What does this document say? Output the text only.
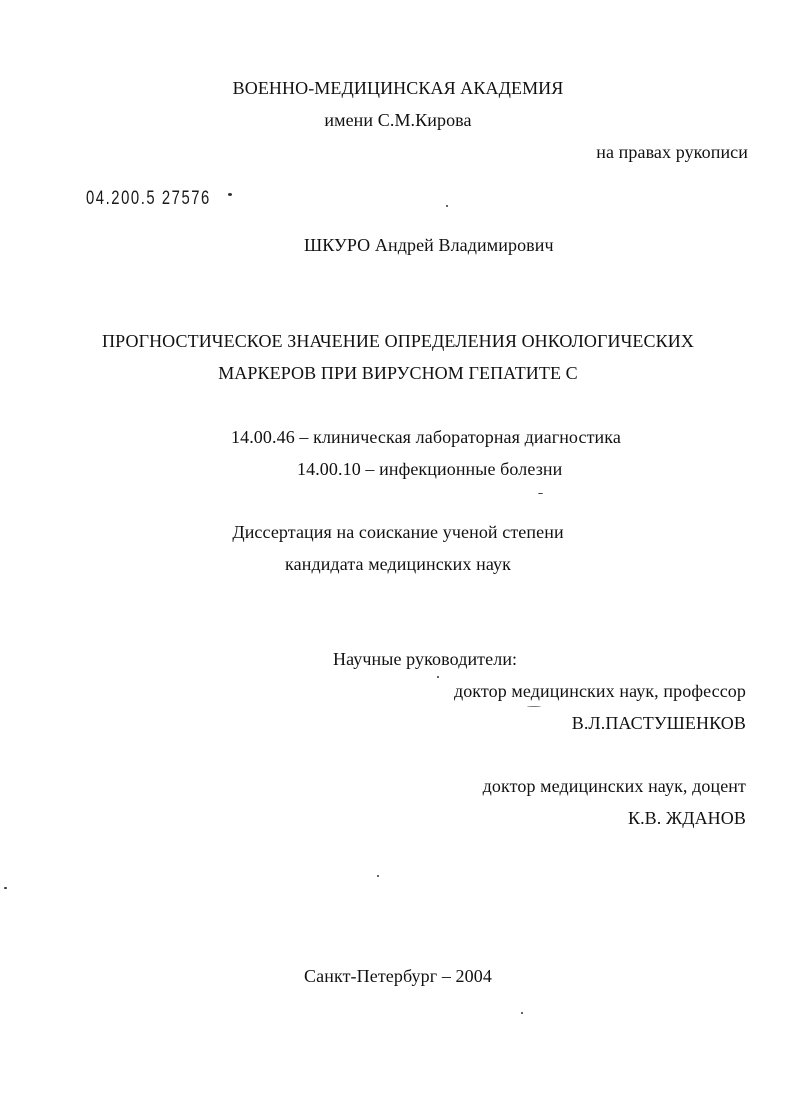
ВОЕННО-МЕДИЦИНСКАЯ АКАДЕМИЯ
имени С.М.Кирова
на правах рукописи
04.200.5 27576
ШКУРО Андрей Владимирович
ПРОГНОСТИЧЕСКОЕ ЗНАЧЕНИЕ ОПРЕДЕЛЕНИЯ ОНКОЛОГИЧЕСКИХ
МАРКЕРОВ ПРИ ВИРУСНОМ ГЕПАТИТЕ С
14.00.46 – клиническая лабораторная диагностика
14.00.10 – инфекционные болезни
Диссертация на соискание ученой степени
кандидата медицинских наук
Научные руководители:
доктор медицинских наук, профессор
В.Л.ПАСТУШЕНКОВ
доктор медицинских наук, доцент
К.В. ЖДАНОВ
Санкт-Петербург – 2004
